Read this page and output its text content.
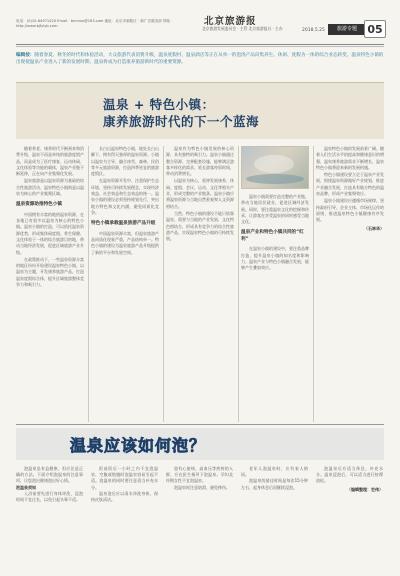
电话：(0)10-64971420 Email：brcmxx@163.com 地址：北京市朝阳区 · 新广告服务部 网址：http://www.bjfylyb.com	北京旅游报
北京旅游发展委员会 · 主管 北京旅游报社 · 主办	2018.5.25	旅游专题 05
编辑按：随着春夏、秋冬的时代和体验活动，大众旅游代表消费升级，温泉度假村、温泉酒店等正在从单一的泡汤产品向集养生、休闲、度假为一体的综合业态转变。温泉特色小镇的出现使温泉产业进入了新的发展时期，温泉将成为打造康养旅游新时代的重要资源。
温泉 + 特色小镇：
康养旅游时代的下一个蓝海

随着养老、康养时代不断到来和消费升级，温泉不再是单纯的旅游度假产品，而是成为了医疗康复、运动休闲、文化体验等功能的载体，温泉产业链不断延伸，正在向产业集聚化发展。

温泉旅游是以温泉资源为基础的综合性旅游活动，温泉特色小镇则是以温泉为核心的产业集聚区域。

温泉资源助推特色小镇

中国拥有丰富的地热温泉资源，在各地已有很多以温泉为核心的特色小镇。温泉小镇的打造，可以依托温泉资源优势，形成集休闲度假、养生保健、文化体验于一体的综合旅游目的地，带动当地经济发展，促进区域旅游产业升级。

在政策推动下，一些温泉资源丰富的地区纷纷开始建设温泉特色小镇，以温泉为主题，开发康养旅游产品，打造温泉度假综合体，提升区域旅游整体竞争力和吸引力。

长白山温泉特色小镇，地处长白山脚下，拥有得天独厚的温泉资源。小镇以温泉为主导，融合冰雪、森林、民俗等多元旅游资源，打造四季皆宜的旅游度假区。

在温泉资源开发中，注重保护生态环境，坚持可持续发展理念，实现经济效益、社会效益和生态效益的统一。温泉小镇的建设必须坚持规划先行，突出地方特色和文化内涵，避免同质化竞争。

特色小镇承载温泉旅游产品升级

中国温泉资源丰富，但温泉旅游产品同质化现象严重，产品结构单一。特色小镇的建设为温泉旅游产品升级提供了新的平台和发展空间。

温泉作为特色小镇发展的核心资源，具有独特的吸引力。温泉小镇通过整合资源、完善配套设施，能够满足游客多样化的需求，延长游客停留时间，带动消费增长。

以温泉为核心，延伸发展康养、休闲、度假、会议、运动、文化等相关产业，形成完整的产业链条。温泉小镇应将温泉资源与当地自然景观和人文资源相结合。

当然，特色小镇的建设不能只依靠温泉，需要与当地的产业发展、文化特色相结合，形成具有竞争力的综合性旅游产品，实现温泉特色小镇的可持续发展。

温泉小镇需要打造完整的产业链，带动当地居民就业，促进区域经济发展。同时，要注重温泉文化的挖掘和传承，让游客在享受温泉的同时感受当地文化。

温泉产业和特色小镇共同的“红利”

在温泉小镇的建设中，要注重品牌打造，提升温泉小镇的知名度和影响力。温泉产业与特色小镇融合发展，能够产生叠加效应。

温泉特色小镇的发展前景广阔。随着人们生活水平的提高和健康意识的增强，温泉康养旅游需求不断增长，温泉特色小镇将迎来新的发展机遇。

特色小镇建设要立足于温泉产业发展，围绕温泉资源做好产业规划，推进产业融合发展，打造具有地方特色的温泉品牌，形成产业集聚效应。

温泉小镇建设应遵循市场规律，坚持政府引导、企业主体、市场化运作的原则，推进温泉特色小镇健康有序发展。

（石林华）
温泉应该如何泡？

泡温泉虽有益健康，但应注意正确的方法。下面介绍泡温泉的注意事项，让您泡出健康泡出好心情。

泡温泉须知

入浴前要先进行身体冲洗，浸泡时间不宜过长，以免引起头晕不适。

饭前饭后一小时之内不宜泡温泉，空腹或饱腹时泡温泉容易引起不适。泡温泉的同时要注意适当补充水分。

温泉泡后应以清水冲洗身体，保持皮肤清洁。

患有心脏病、高血压等疾病的人群，应在医生指导下泡温泉。孕妇及经期女性不宜泡温泉。

泡温泉时注意防滑，避免摔伤。

老年人泡温泉时，应有家人陪同。

泡温泉的最佳时间是每次15分钟左右，起身休息后再继续浸泡。

泡温泉后应适当休息，补充水分。温泉浸泡后，可以适当进行按摩放松。

（编辑整理：宏伟）
